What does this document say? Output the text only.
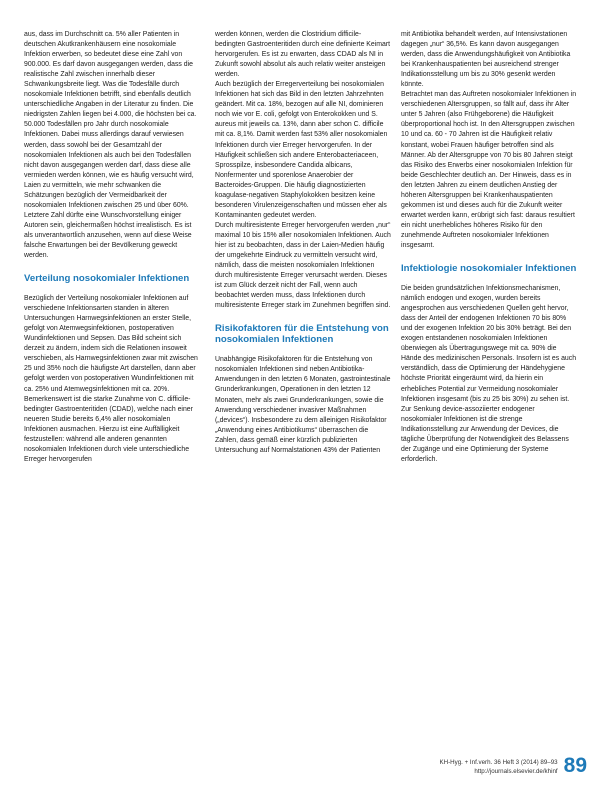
aus, dass im Durchschnitt ca. 5% aller Patienten in deutschen Akutkrankenhäusern eine nosokomiale Infektion erwerben, so bedeutet diese eine Zahl von 900.000. Es darf davon ausgegangen werden, dass die realistische Zahl zwischen innerhalb dieser Schwankungsbreite liegt. Was die Todesfälle durch nosokomiale Infektionen betrifft, sind ebenfalls deutlich unterschiedliche Angaben in der Literatur zu finden. Die niedrigsten Zahlen liegen bei 4.000, die höchsten bei ca. 50.000 Todesfällen pro Jahr durch nosokomiale Infektionen. Dabei muss allerdings darauf verwiesen werden, dass sowohl bei der Gesamtzahl der nosokomialen Infektionen als auch bei den Todesfällen nicht davon ausgegangen werden darf, dass diese alle vermieden werden können, wie es häufig versucht wird, Laien zu vermitteln, wie mehr schwanken die Schätzungen bezüglich der Vermeidbarkeit der nosokomialen Infektionen zwischen 25 und über 60%. Letztere Zahl dürfte eine Wunschvorstellung einiger Autoren sein, gleichermaßen höchst irrealistisch. Es ist als unverantwortlich anzusehen, wenn auf diese Weise falsche Erwartungen bei der Bevölkerung geweckt werden.

Verteilung nosokomialer Infektionen

Bezüglich der Verteilung nosokomialer Infektionen auf verschiedene Infektionsarten standen in älteren Untersuchungen Harnwegsinfektionen an erster Stelle, gefolgt von Atemwegsinfektionen, postoperativen Wundinfektionen und Sepsen. Das Bild scheint sich derzeit zu ändern, indem sich die Relationen insoweit verschieben, als Harnwegsinfektionen zwar mit zwischen 25 und 35% noch die häufigste Art darstellen, dann aber gefolgt werden von postoperativen Wundinfektionen mit ca. 25% und Atemwegsinfektionen mit ca. 20%. Bemerkenswert ist die starke Zunahme von C. difficile-bedingter Gastroenteritiden (CDAD), welche nach einer neueren Studie bereits 6,4% aller nosokomialen Infektionen ausmachen. Hierzu ist eine Auffälligkeit festzustellen: während alle anderen genannten nosokomialen Infektionen durch viele unterschiedliche Erreger hervorgerufen

werden können, werden die Clostridium difficile-bedingten Gastroenteritiden durch eine definierte Keimart hervorgerufen. Es ist zu erwarten, dass CDAD als NI in Zukunft sowohl absolut als auch relativ weiter ansteigen werden.

Auch bezüglich der Erregerverteilung bei nosokomialen Infektionen hat sich das Bild in den letzten Jahrzehnten geändert. Mit ca. 18%, bezogen auf alle NI, dominieren noch wie vor E. coli, gefolgt von Enterokokken und S. aureus mit jeweils ca. 13%, dann aber schon C. difficile mit ca. 8,1%. Damit werden fast 53% aller nosokomialen Infektionen durch vier Erreger hervorgerufen. In der Häufigkeit schließen sich andere Enterobacteriaceen, Sprosspilze, insbesondere Candida albicans, Nonfermenter und sporenlose Anaerobier der Bacteroides-Gruppen. Die häufig diagnostizierten koagulase-negativen Staphylokokken besitzen keine besonderen Virulenzeigenschaften und müssen eher als Kontaminanten gedeutet werden.

Durch multiresistente Erreger hervorgerufen werden „nur“ maximal 10 bis 15% aller nosokomialen Infektionen. Auch hier ist zu beobachten, dass in der Laien-Medien häufig der umgekehrte Eindruck zu vermitteln versucht wird, nämlich, dass die meisten nosokomialen Infektionen durch multiresistente Erreger verursacht werden. Dieses ist zum Glück derzeit nicht der Fall, wenn auch beobachtet werden muss, dass Infektionen durch multiresistente Erreger stark im Zunehmen begriffen sind.

Risikofaktoren für die Entstehung von nosokomialen Infektionen

Unabhängige Risikofaktoren für die Entstehung von nosokomialen Infektionen sind neben Antibiotika-Anwendungen in den letzten 6 Monaten, gastrointestinale Grunderkrankungen, Operationen in den letzten 12 Monaten, mehr als zwei Grunderkrankungen, sowie die Anwendung verschiedener invasiver Maßnahmen („devices“). Insbesondere zu dem alleinigen Risikofaktor „Anwendung eines Antibiotikums“ überraschen die Zahlen, dass gemäß einer kürzlich publizierten Untersuchung auf Normalstationen 43% der Patienten

mit Antibiotika behandelt werden, auf Intensivstationen dagegen „nur“ 36,5%. Es kann davon ausgegangen werden, dass die Anwendungshäufigkeit von Antibiotika bei Krankenhauspatienten bei ausreichend strenger Indikationsstellung um bis zu 30% gesenkt werden könnte.

Betrachtet man das Auftreten nosokomialer Infektionen in verschiedenen Altersgruppen, so fällt auf, dass ihr Alter unter 5 Jahren (also Frühgeborene) die Häufigkeit überproportional hoch ist. In den Altersgruppen zwischen 10 und ca. 60 - 70 Jahren ist die Häufigkeit relativ konstant, wobei Frauen häufiger betroffen sind als Männer. Ab der Altersgruppe von 70 bis 80 Jahren steigt das Risiko des Erwerbs einer nosokomialen Infektion für beide Geschlechter deutlich an. Der Hinweis, dass es in den letzten Jahren zu einem deutlichen Anstieg der höheren Altersgruppen bei Krankenhauspatienten gekommen ist und dieses auch für die Zukunft weiter erwartet werden kann, erübrigt sich fast: daraus resultiert ein nicht unerhebliches höheres Risiko für den zunehmende Auftreten nosokomialer Infektionen insgesamt.

Infektiologie nosokomialer Infektionen

Die beiden grundsätzlichen Infektionsmechanismen, nämlich endogen und exogen, wurden bereits angesprochen aus verschiedenen Quellen geht hervor, dass der Anteil der endogenen Infektionen 70 bis 80% und der exogenen Infektion 20 bis 30% beträgt. Bei den exogen entstandenen nosokomialen Infektionen überwiegen als Übertragungswege mit ca. 90% die Hände des medizinischen Personals. Insofern ist es auch verständlich, dass die Optimierung der Händehygiene höchste Priorität eingeräumt wird, da hierin ein erhebliches Potential zur Vermeidung nosokomialer Infektionen insgesamt (bis zu 25 bis 30%) zu sehen ist.

Zur Senkung device-assoziierter endogener nosokomialer Infektionen ist die strenge Indikationsstellung zur Anwendung der Devices, die tägliche Überprüfung der Notwendigkeit des Belassens der Zugänge und eine Optimierung der Systeme erforderlich.

KH-Hyg. + Inf.verh. 36 Heft 3 (2014) 89–93
http://journals.elsevier.de/khinf 89
